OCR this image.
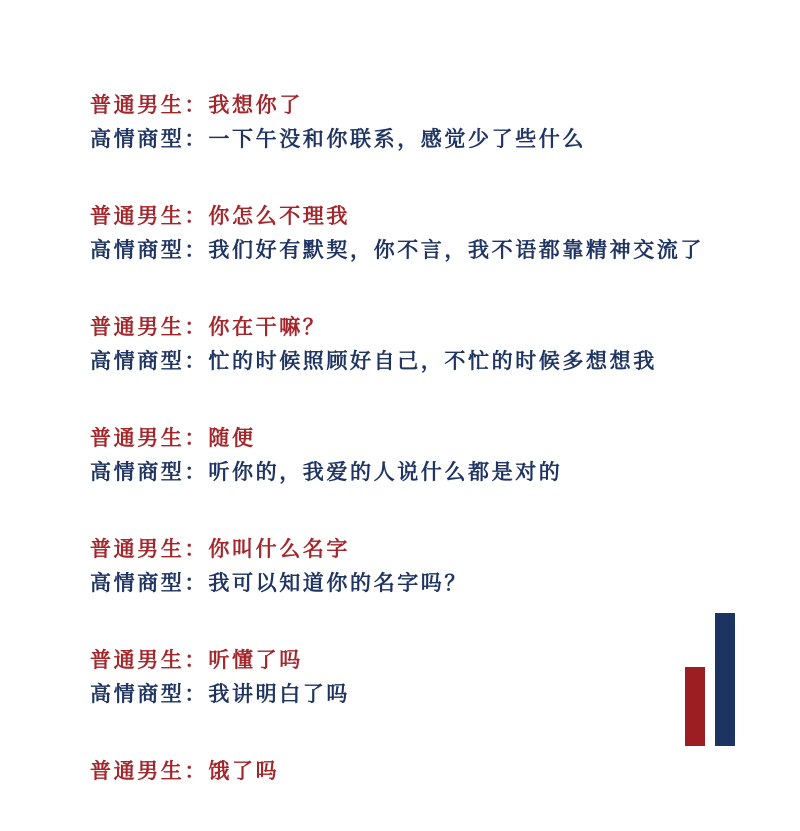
普通男生： 我想你了
高情商型： 一下午没和你联系，感觉少了些什么
普通男生： 你怎么不理我
高情商型： 我们好有默契，你不言，我不语都靠精神交流了
普通男生： 你在干嘛？
高情商型： 忙的时候照顾好自己，不忙的时候多想想我
普通男生： 随便
高情商型： 听你的，我爱的人说什么都是对的
普通男生： 你叫什么名字
高情商型： 我可以知道你的名字吗？
普通男生： 听懂了吗
高情商型： 我讲明白了吗
普通男生： 饿了吗
